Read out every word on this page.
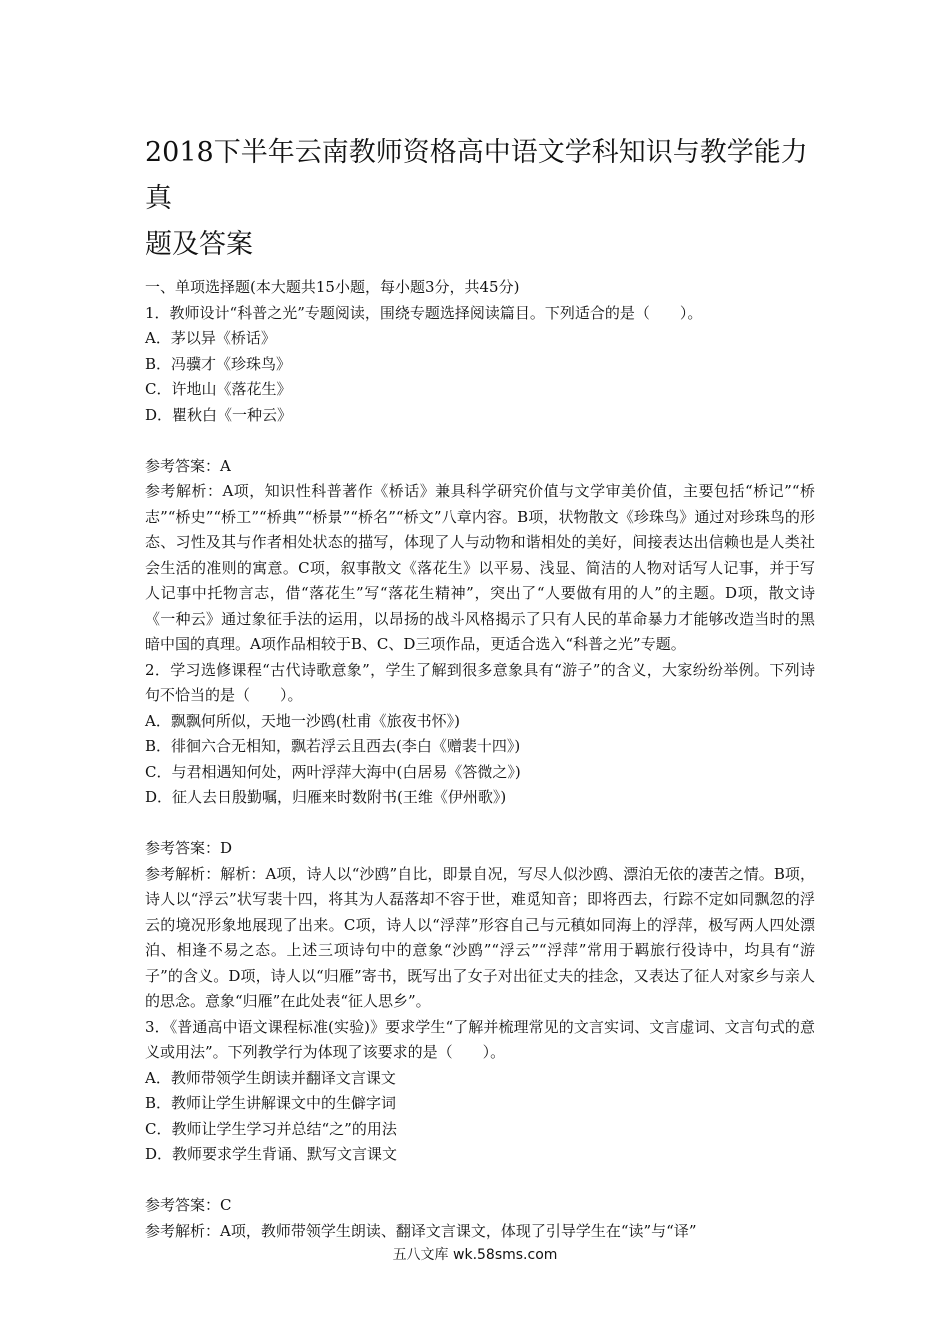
2018下半年云南教师资格高中语文学科知识与教学能力真
题及答案

一、单项选择题(本大题共15小题，每小题3分，共45分)

1．教师设计“科普之光”专题阅读，围绕专题选择阅读篇目。下列适合的是（　　）。

A．茅以异《桥话》

B．冯骥才《珍珠鸟》

C．许地山《落花生》

D．瞿秋白《一种云》

参考答案：A

参考解析：A项，知识性科普著作《桥话》兼具科学研究价值与文学审美价值，主要包括“桥记”“桥志”“桥史”“桥工”“桥典”“桥景”“桥名”“桥文”八章内容。B项，状物散文《珍珠鸟》通过对珍珠鸟的形态、习性及其与作者相处状态的描写，体现了人与动物和谐相处的美好，间接表达出信赖也是人类社会生活的准则的寓意。C项，叙事散文《落花生》以平易、浅显、简洁的人物对话写人记事，并于写人记事中托物言志，借“落花生”写“落花生精神”，突出了“人要做有用的人”的主题。D项，散文诗《一种云》通过象征手法的运用，以昂扬的战斗风格揭示了只有人民的革命暴力才能够改造当时的黑暗中国的真理。A项作品相较于B、C、D三项作品，更适合选入“科普之光”专题。

2．学习选修课程“古代诗歌意象”，学生了解到很多意象具有“游子”的含义，大家纷纷举例。下列诗句不恰当的是（　　）。

A．飘飘何所似，天地一沙鸥(杜甫《旅夜书怀》)

B．徘徊六合无相知，飘若浮云且西去(李白《赠裴十四》)

C．与君相遇知何处，两叶浮萍大海中(白居易《答微之》)

D．征人去日殷勤嘱，归雁来时数附书(王维《伊州歌》)

参考答案：D

参考解析：解析：A项，诗人以“沙鸥”自比，即景自况，写尽人似沙鸥、漂泊无依的凄苦之情。B项，诗人以“浮云”状写裴十四，将其为人磊落却不容于世，难觅知音；即将西去，行踪不定如同飘忽的浮云的境况形象地展现了出来。C项，诗人以“浮萍”形容自己与元稹如同海上的浮萍，极写两人四处漂泊、相逢不易之态。上述三项诗句中的意象“沙鸥”“浮云”“浮萍”常用于羁旅行役诗中，均具有“游子”的含义。D项，诗人以“归雁”寄书，既写出了女子对出征丈夫的挂念，又表达了征人对家乡与亲人的思念。意象“归雁”在此处表“征人思乡”。

3．《普通高中语文课程标准(实验)》要求学生“了解并梳理常见的文言实词、文言虚词、文言句式的意义或用法”。下列教学行为体现了该要求的是（　　）。

A．教师带领学生朗读并翻译文言课文

B．教师让学生讲解课文中的生僻字词

C．教师让学生学习并总结“之”的用法

D．教师要求学生背诵、默写文言课文

参考答案：C

参考解析：A项，教师带领学生朗读、翻译文言课文，体现了引导学生在“读”与“译”

五八文库 wk.58sms.com
